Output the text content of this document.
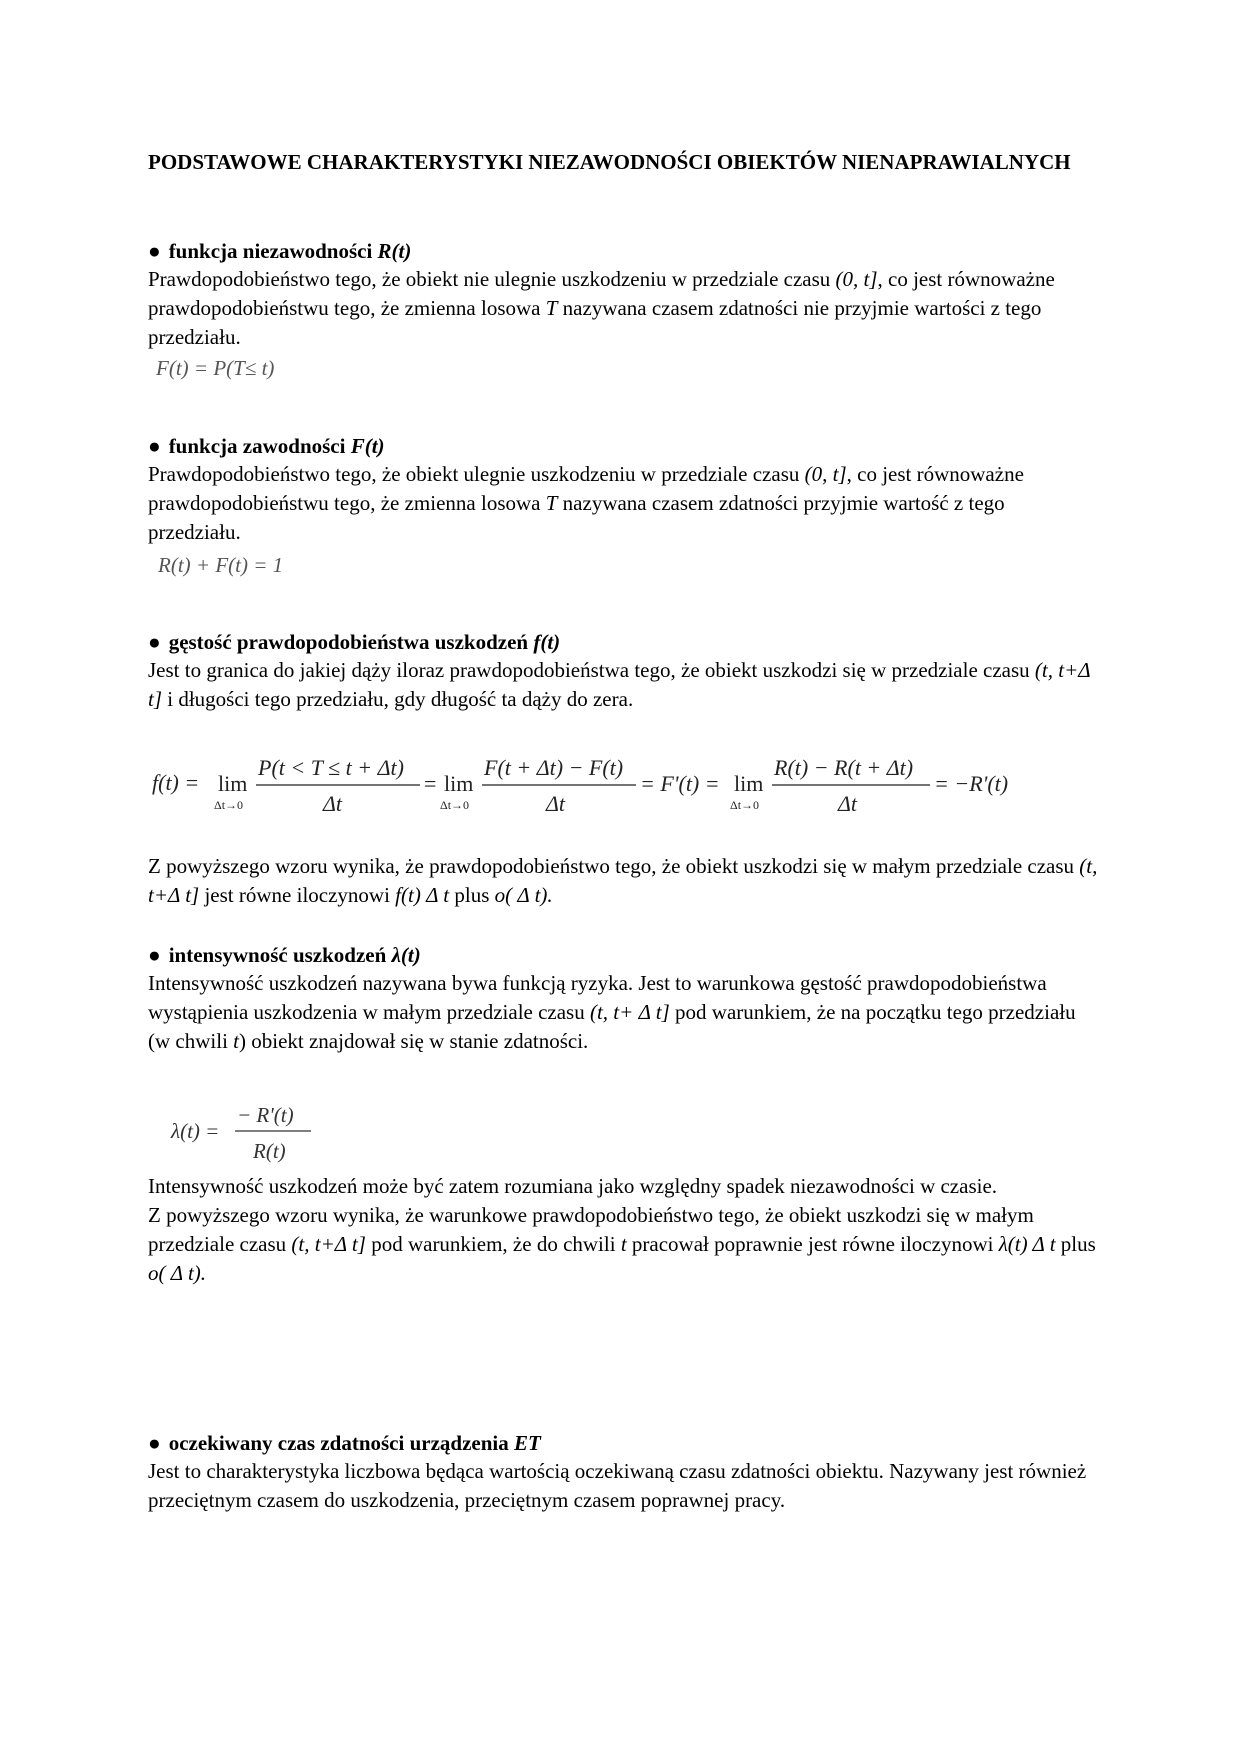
PODSTAWOWE CHARAKTERYSTYKI NIEZAWODNOŚCI OBIEKTÓW NIENAPRAWIALNYCH

● funkcja niezawodności R(t)

Prawdopodobieństwo tego, że obiekt nie ulegnie uszkodzeniu w przedziale czasu (0, t], co jest równoważne prawdopodobieństwu tego, że zmienna losowa T nazywana czasem zdatności nie przyjmie wartości z tego przedziału.

F(t) = P(T≤ t)

● funkcja zawodności F(t)

Prawdopodobieństwo tego, że obiekt ulegnie uszkodzeniu w przedziale czasu (0, t], co jest równoważne prawdopodobieństwu tego, że zmienna losowa T nazywana czasem zdatności przyjmie wartość z tego przedziału.

R(t) + F(t) = 1

● gęstość prawdopodobieństwa uszkodzeń f(t)

Jest to granica do jakiej dąży iloraz prawdopodobieństwa tego, że obiekt uszkodzi się w przedziale czasu (t, t+Δ t] i długości tego przedziału, gdy długość ta dąży do zera.

f(t) = lim
Δt→0
P(t < T ≤ t + Δt)
Δt
= lim
Δt→0
F(t + Δt) − F(t)
Δt
= F'(t) = lim
Δt→0
R(t) − R(t + Δt)
Δt
= −R'(t)

Z powyższego wzoru wynika, że prawdopodobieństwo tego, że obiekt uszkodzi się w małym przedziale czasu (t, t+Δ t] jest równe iloczynowi f(t) Δ t plus o( Δ t).

● intensywność uszkodzeń λ(t)

Intensywność uszkodzeń nazywana bywa funkcją ryzyka. Jest to warunkowa gęstość prawdopodobieństwa wystąpienia uszkodzenia w małym przedziale czasu (t, t+ Δ t] pod warunkiem, że na początku tego przedziału (w chwili t) obiekt znajdował się w stanie zdatności.

λ(t) =
− R'(t)
R(t)

Intensywność uszkodzeń może być zatem rozumiana jako względny spadek niezawodności w czasie.

Z powyższego wzoru wynika, że warunkowe prawdopodobieństwo tego, że obiekt uszkodzi się w małym przedziale czasu (t, t+Δ t] pod warunkiem, że do chwili t pracował poprawnie jest równe iloczynowi λ(t) Δ t plus o( Δ t).

● oczekiwany czas zdatności urządzenia ET

Jest to charakterystyka liczbowa będąca wartością oczekiwaną czasu zdatności obiektu. Nazywany jest również przeciętnym czasem do uszkodzenia, przeciętnym czasem poprawnej pracy.
